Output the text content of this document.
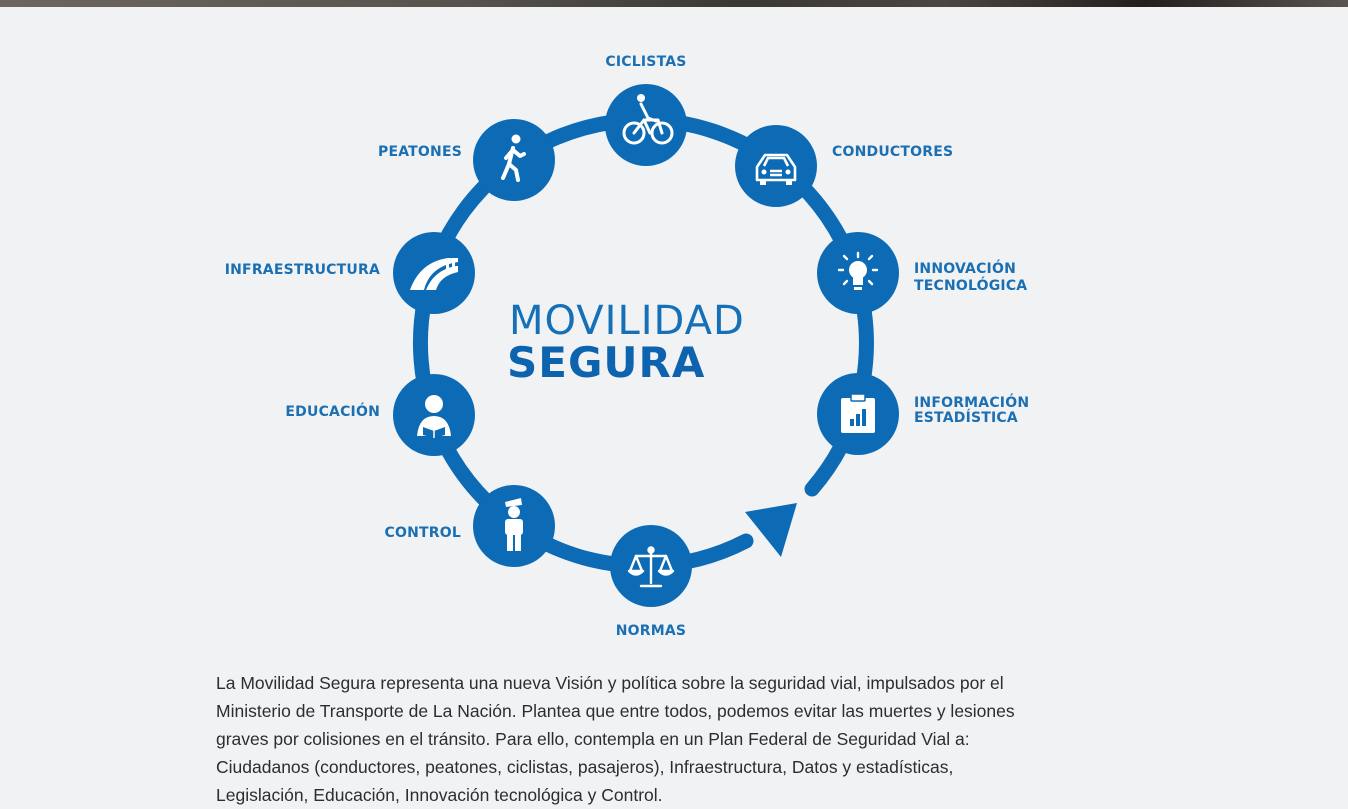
MOVILIDAD
SEGURA
CICLISTAS
CONDUCTORES
INNOVACIÓN
TECNOLÓGICA
INFORMACIÓN
ESTADÍSTICA
NORMAS
CONTROL
EDUCACIÓN
INFRAESTRUCTURA
PEATONES

La Movilidad Segura representa una nueva Visión y política sobre la seguridad vial, impulsados por el Ministerio de Transporte de La Nación. Plantea que entre todos, podemos evitar las muertes y lesiones graves por colisiones en el tránsito. Para ello, contempla en un Plan Federal de Seguridad Vial a: Ciudadanos (conductores, peatones, ciclistas, pasajeros), Infraestructura, Datos y estadísticas, Legislación, Educación, Innovación tecnológica y Control.
